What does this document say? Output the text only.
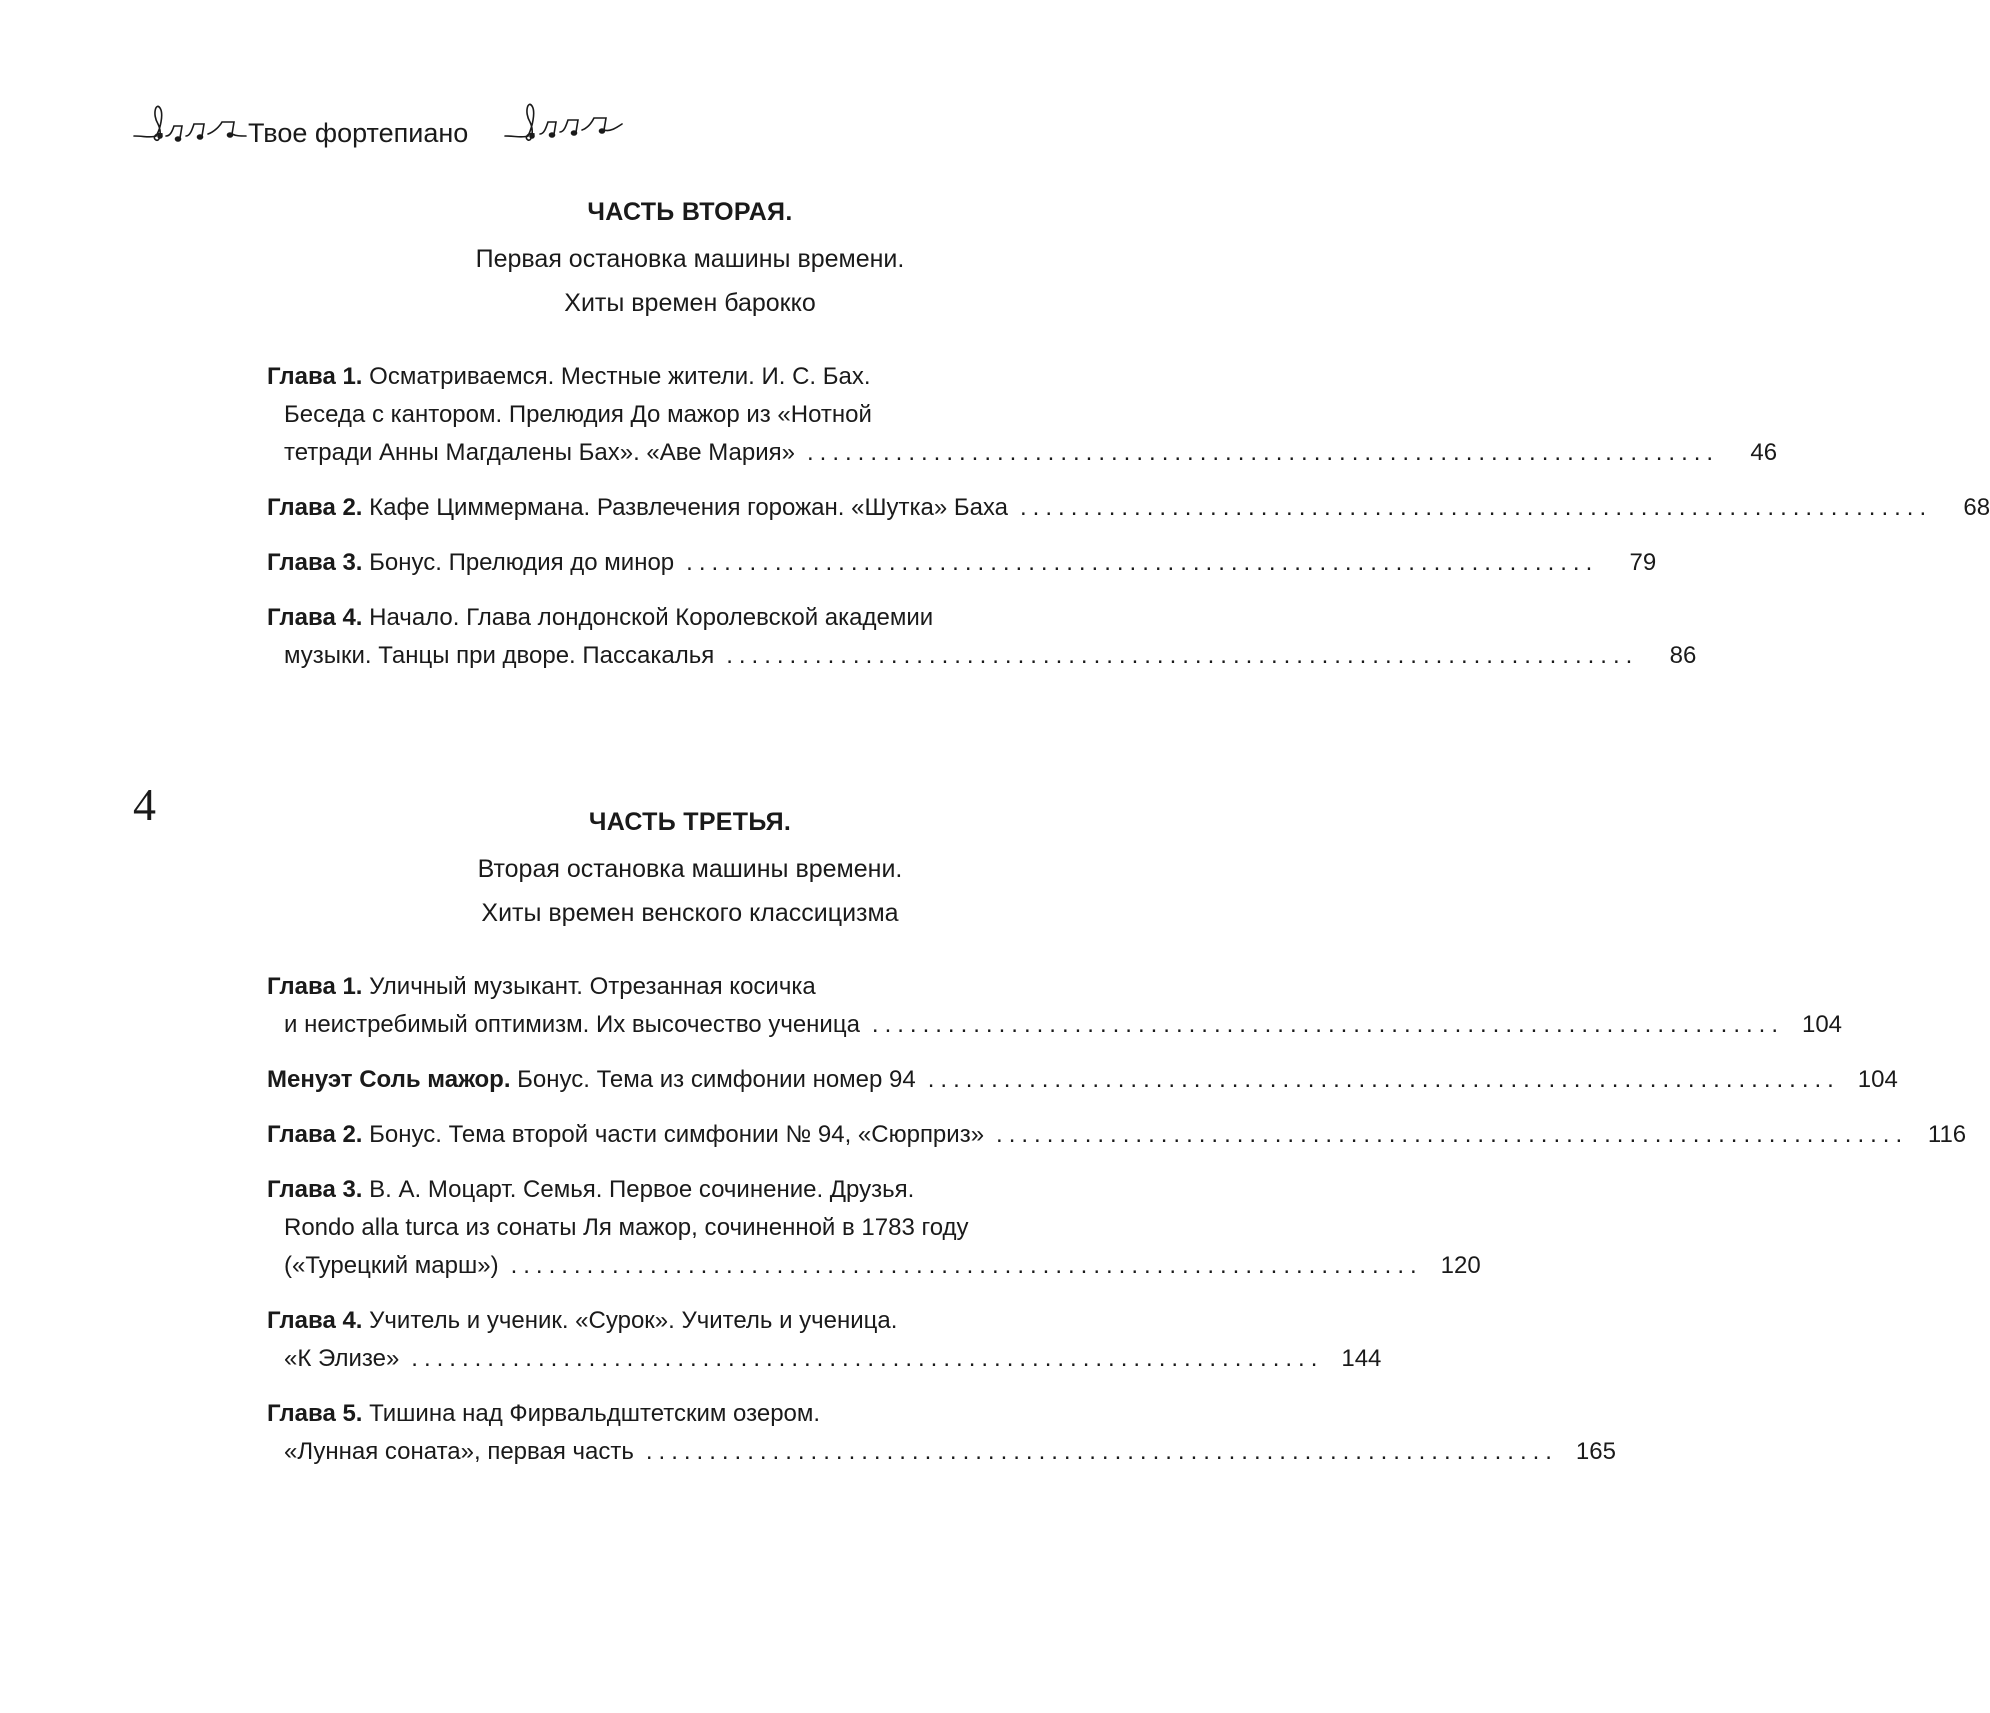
Твое фортепиано
4

ЧАСТЬ ВТОРАЯ.

Первая остановка машины времени.

Хиты времен барокко

Глава 1. Осматриваемся. Местные жители. И. С. Бах.
Беседа с кантором. Прелюдия До мажор из «Нотной
тетради Анны Магдалены Бах». «Аве Мария» ........................................................................	46
Глава 2.
Кафе Циммермана. Развлечения горожан. «Шутка» Баха ........................................................................	68
Глава 3.
Бонус. Прелюдия до минор ........................................................................	79
Глава 4. Начало. Глава лондонской Королевской академии
музыки. Танцы при дворе. Пассакалья ........................................................................	86

ЧАСТЬ ТРЕТЬЯ.

Вторая остановка машины времени.

Хиты времен венского классицизма

Глава 1. Уличный музыкант. Отрезанная косичка
и неистребимый оптимизм. Их высочество ученица ........................................................................ 104
Менуэт Соль мажор.
Бонус. Тема из симфонии номер 94 ........................................................................ 104
Глава 2.
Бонус. Тема второй части симфонии № 94, «Сюрприз» ........................................................................ 116
Глава 3. В. А. Моцарт. Семья. Первое сочинение. Друзья.
Rondo alla turca из сонаты Ля мажор, сочиненной в 1783 году
(«Турецкий марш») ........................................................................ 120
Глава 4. Учитель и ученик. «Сурок». Учитель и ученица.
«К Элизе» ........................................................................ 144
Глава 5. Тишина над Фирвальдштетским озером.
«Лунная соната», первая часть ........................................................................ 165
